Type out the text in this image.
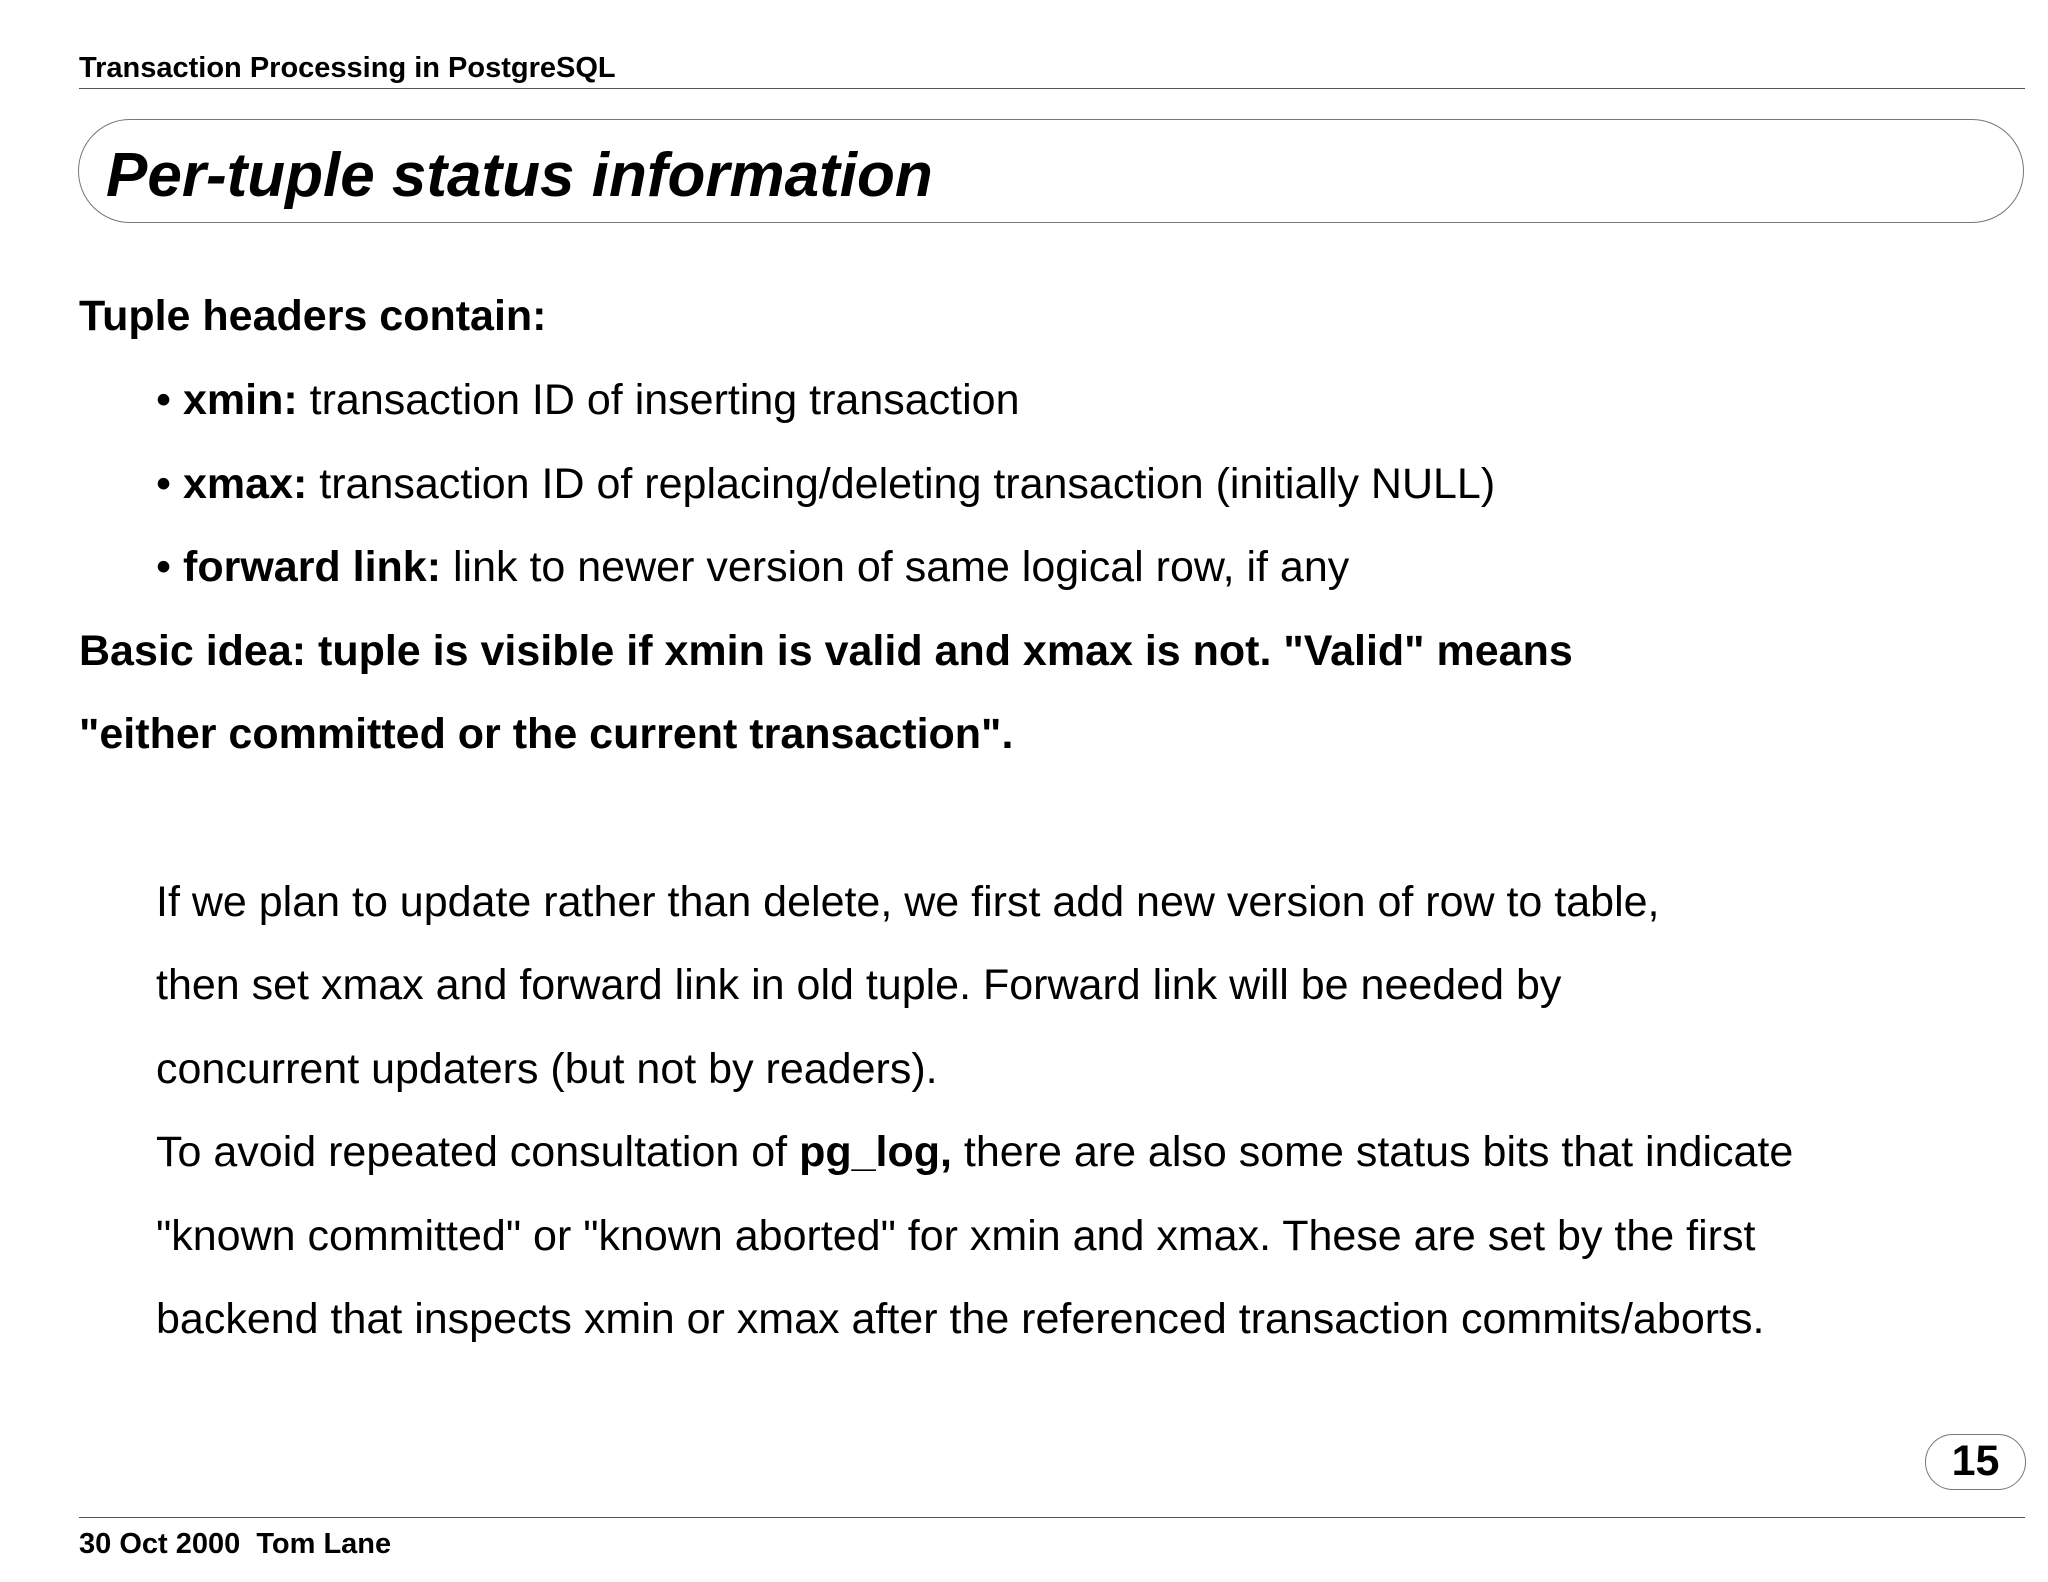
Transaction Processing in PostgreSQL
Per-tuple status information
Tuple headers contain:
• xmin: transaction ID of inserting transaction
• xmax: transaction ID of replacing/deleting transaction (initially NULL)
• forward link: link to newer version of same logical row, if any
Basic idea: tuple is visible if xmin is valid and xmax is not. "Valid" means
"either committed or the current transaction".
If we plan to update rather than delete, we first add new version of row to table,
then set xmax and forward link in old tuple. Forward link will be needed by
concurrent updaters (but not by readers).
To avoid repeated consultation of pg_log, there are also some status bits that indicate
"known committed" or "known aborted" for xmin and xmax. These are set by the first
backend that inspects xmin or xmax after the referenced transaction commits/aborts.
15
30 Oct 2000  Tom Lane
